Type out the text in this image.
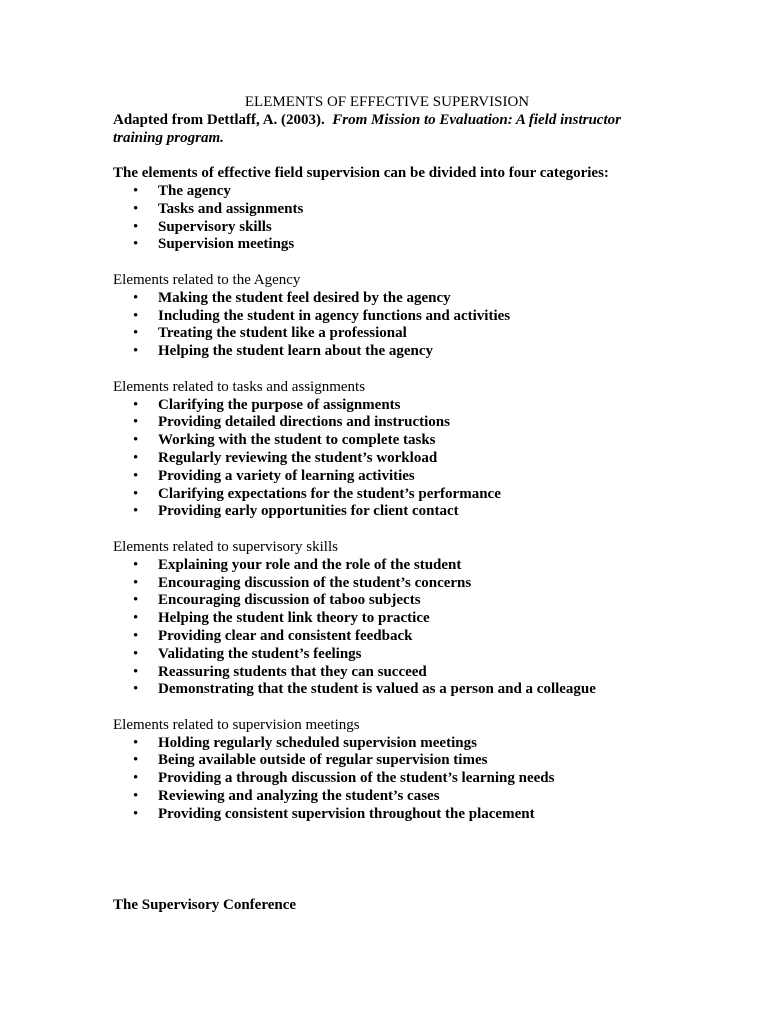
ELEMENTS OF EFFECTIVE SUPERVISION

Adapted from Dettlaff, A. (2003). From Mission to Evaluation: A field instructor training program.

The elements of effective field supervision can be divided into four categories:

• The agency
• Tasks and assignments
• Supervisory skills
• Supervision meetings

Elements related to the Agency

• Making the student feel desired by the agency
• Including the student in agency functions and activities
• Treating the student like a professional
• Helping the student learn about the agency

Elements related to tasks and assignments

• Clarifying the purpose of assignments
• Providing detailed directions and instructions
• Working with the student to complete tasks
• Regularly reviewing the student’s workload
• Providing a variety of learning activities
• Clarifying expectations for the student’s performance
• Providing early opportunities for client contact

Elements related to supervisory skills

• Explaining your role and the role of the student
• Encouraging discussion of the student’s concerns
• Encouraging discussion of taboo subjects
• Helping the student link theory to practice
• Providing clear and consistent feedback
• Validating the student’s feelings
• Reassuring students that they can succeed
• Demonstrating that the student is valued as a person and a colleague

Elements related to supervision meetings

• Holding regularly scheduled supervision meetings
• Being available outside of regular supervision times
• Providing a through discussion of the student’s learning needs
• Reviewing and analyzing the student’s cases
• Providing consistent supervision throughout the placement

The Supervisory Conference
